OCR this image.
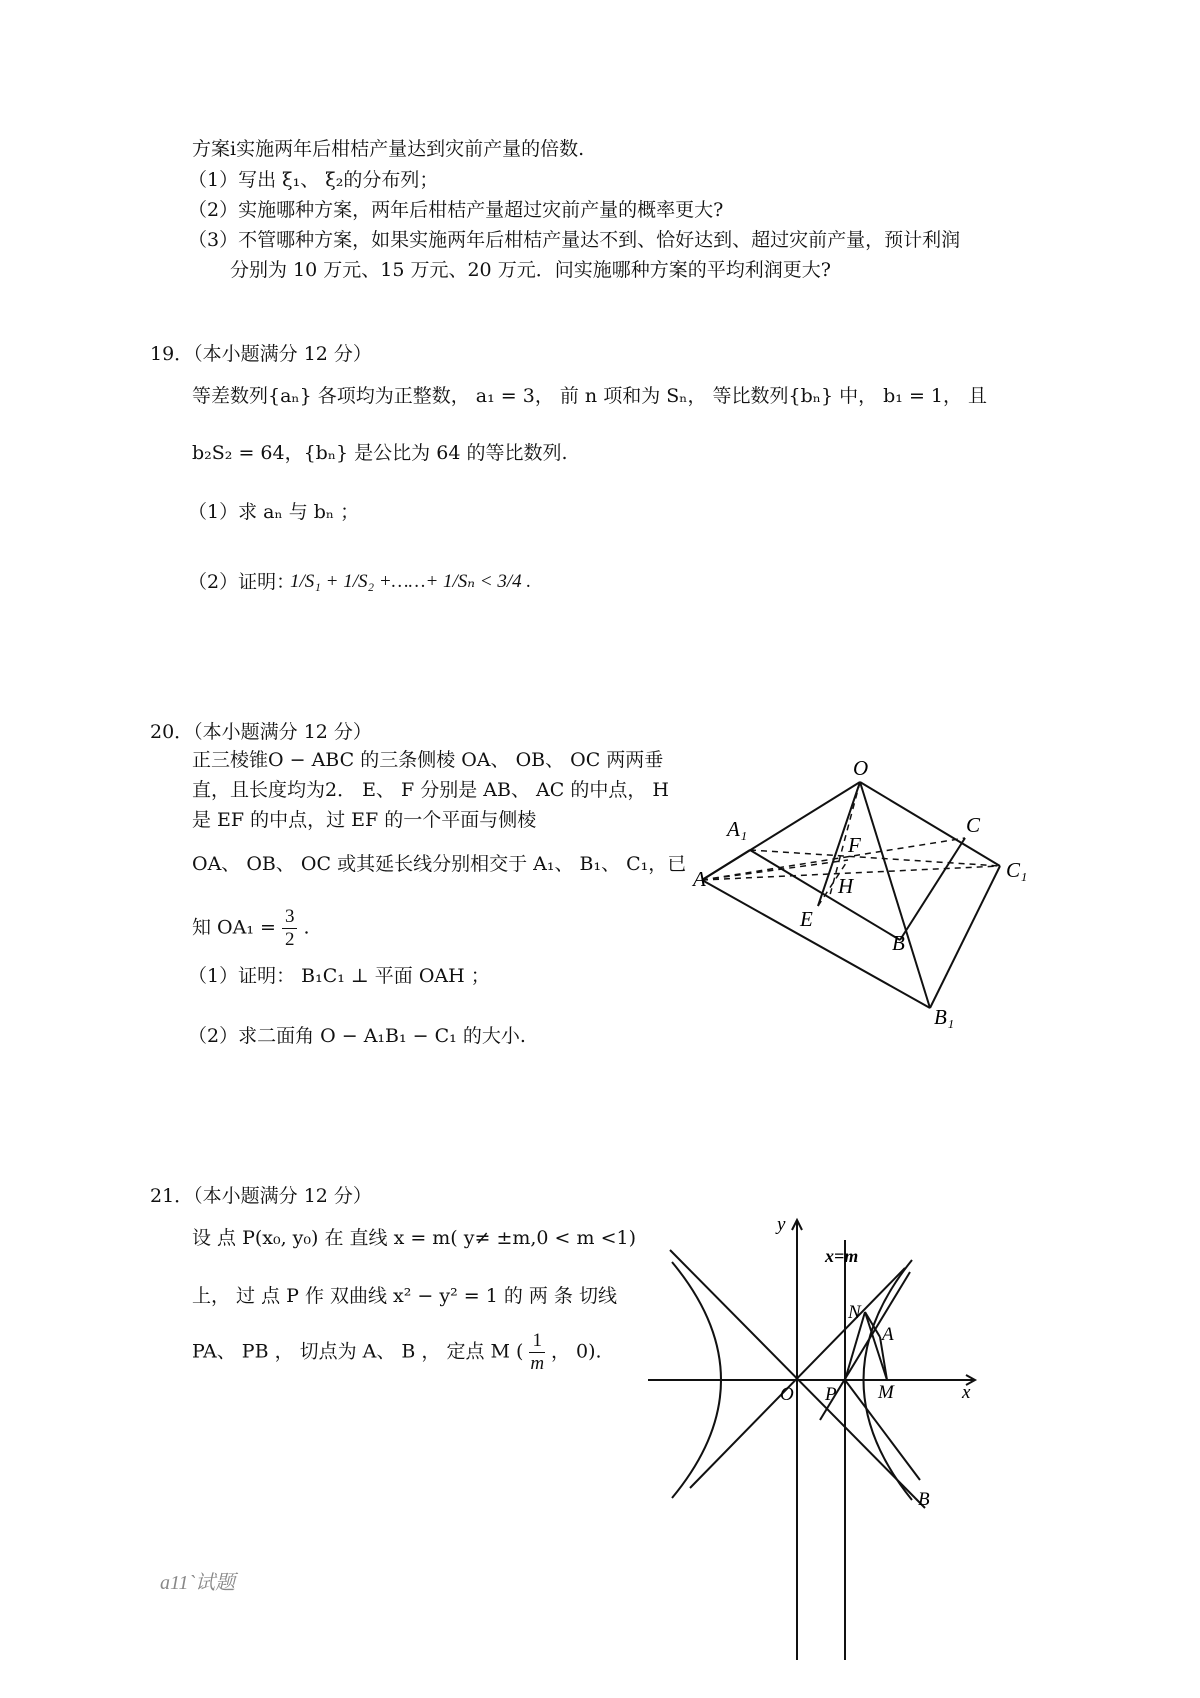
方案i实施两年后柑桔产量达到灾前产量的倍数.
（1）写出 ξ₁、 ξ₂的分布列；
（2）实施哪种方案，两年后柑桔产量超过灾前产量的概率更大?
（3）不管哪种方案，如果实施两年后柑桔产量达不到、恰好达到、超过灾前产量，预计利润
分别为 10 万元、15 万元、20 万元．问实施哪种方案的平均利润更大?
19．（本小题满分 12 分）
等差数列{aₙ} 各项均为正整数， a₁ = 3， 前 n 项和为 Sₙ， 等比数列{bₙ} 中， b₁ = 1， 且
b₂S₂ = 64，{bₙ} 是公比为 64 的等比数列.
（1）求 aₙ 与 bₙ ；
（2）证明：
1/S₁ + 1/S₂ +……+ 1/Sₙ < 3/4 .
20．（本小题满分 12 分）
正三棱锥O − ABC 的三条侧棱 OA、 OB、 OC 两两垂
直，且长度均为2． E、 F 分别是 AB、 AC 的中点， H
是 EF 的中点，过 EF 的一个平面与侧棱
OA、 OB、 OC 或其延长线分别相交于 A₁、 B₁、 C₁，已
知 $OA_1 = \frac{3}{2}$ .
（1）证明： B₁C₁ ⊥ 平面 OAH ；
（2）求二面角 O − A₁B₁ − C₁ 的大小.
O
A₁
A
C
C₁
F
H
E
B
B₁
21．（本小题满分 12 分）
设 点 P(x₀, y₀) 在 直线 x = m( y≠ ±m,0 < m <1)
上， 过 点 P 作 双曲线 x² − y² = 1 的 两 条 切线
PA、 PB ， 切点为 A、 B ， 定点 M ( $\frac{1}{m}$ ， 0).
y
x
x=m
O P
N
A
M
B
a11`试题
